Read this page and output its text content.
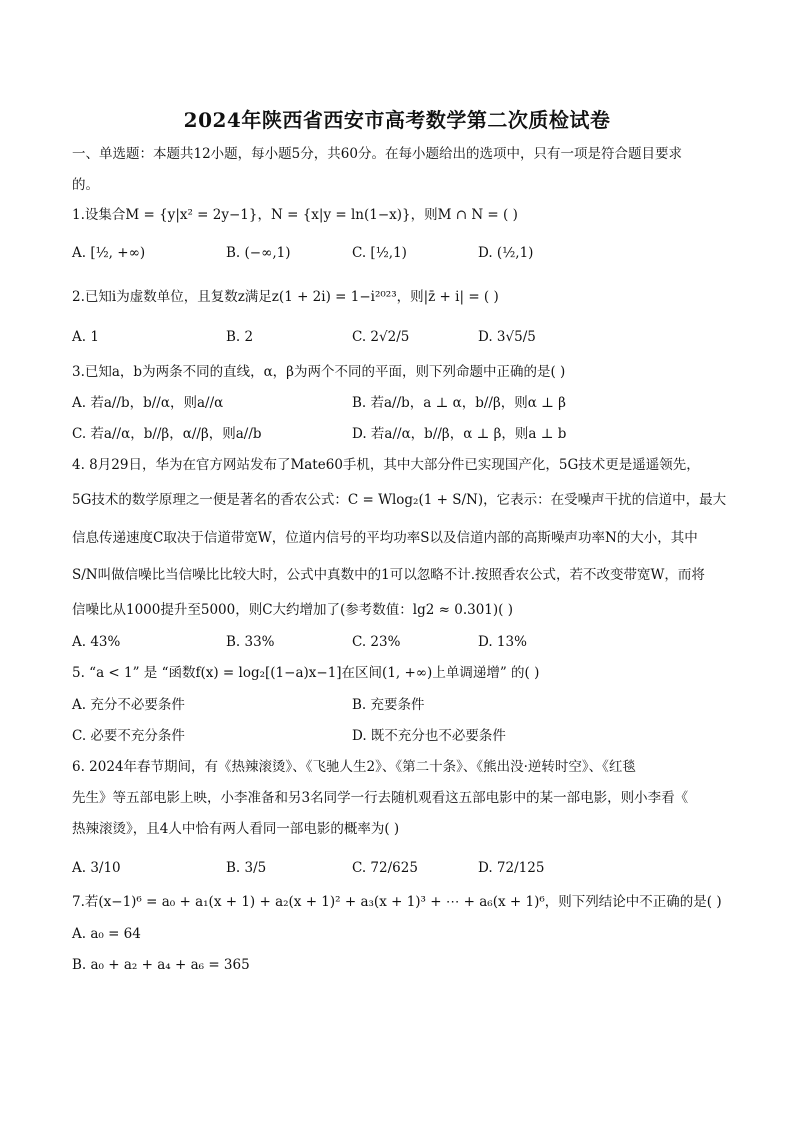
2024年陕西省西安市高考数学第二次质检试卷
一、单选题：本题共12小题，每小题5分，共60分。在每小题给出的选项中，只有一项是符合题目要求
的。
1.设集合M = {y|x² = 2y−1}，N = {x|y = ln(1−x)}，则M ∩ N = ( )
A. [½, +∞)	B. (−∞,1)	C. [½,1)	D. (½,1)
2.已知i为虚数单位，且复数z满足z(1 + 2i) = 1−i²⁰²³，则|z̄ + i| = ( )
A. 1	B. 2	C. 2√2/5	D. 3√5/5
3.已知a，b为两条不同的直线，α，β为两个不同的平面，则下列命题中正确的是( )
A. 若a//b，b//α，则a//α	B. 若a//b，a ⊥ α，b//β，则α ⊥ β
C. 若a//α，b//β，α//β，则a//b	D. 若a//α，b//β，α ⊥ β，则a ⊥ b
4. 8月29日，华为在官方网站发布了Mate60手机，其中大部分件已实现国产化，5G技术更是遥遥领先，
5G技术的数学原理之一便是著名的香农公式：C = Wlog₂(1 + S/N)，它表示：在受噪声干扰的信道中，最大
信息传递速度C取决于信道带宽W，位道内信号的平均功率S以及信道内部的高斯噪声功率N的大小，其中
S/N叫做信噪比当信噪比比较大时，公式中真数中的1可以忽略不计.按照香农公式，若不改变带宽W，而将
信噪比从1000提升至5000，则C大约增加了(参考数值：lg2 ≈ 0.301)( )
A. 43%	B. 33%	C. 23%	D. 13%
5. “a < 1” 是 “函数f(x) = log₂[(1−a)x−1]在区间(1, +∞)上单调递增” 的( )
A. 充分不必要条件	B. 充要条件
C. 必要不充分条件	D. 既不充分也不必要条件
6. 2024年春节期间，有《热辣滚烫》、《飞驰人生2》、《第二十条》、《熊出没·逆转时空》、《红毯
先生》等五部电影上映，小李准备和另3名同学一行去随机观看这五部电影中的某一部电影，则小李看《
热辣滚烫》，且4人中恰有两人看同一部电影的概率为( )
A. 3/10	B. 3/5	C. 72/625	D. 72/125
7.若(x−1)⁶ = a₀ + a₁(x + 1) + a₂(x + 1)² + a₃(x + 1)³ + ⋯ + a₆(x + 1)⁶，则下列结论中不正确的是( )
A. a₀ = 64
B. a₀ + a₂ + a₄ + a₆ = 365
